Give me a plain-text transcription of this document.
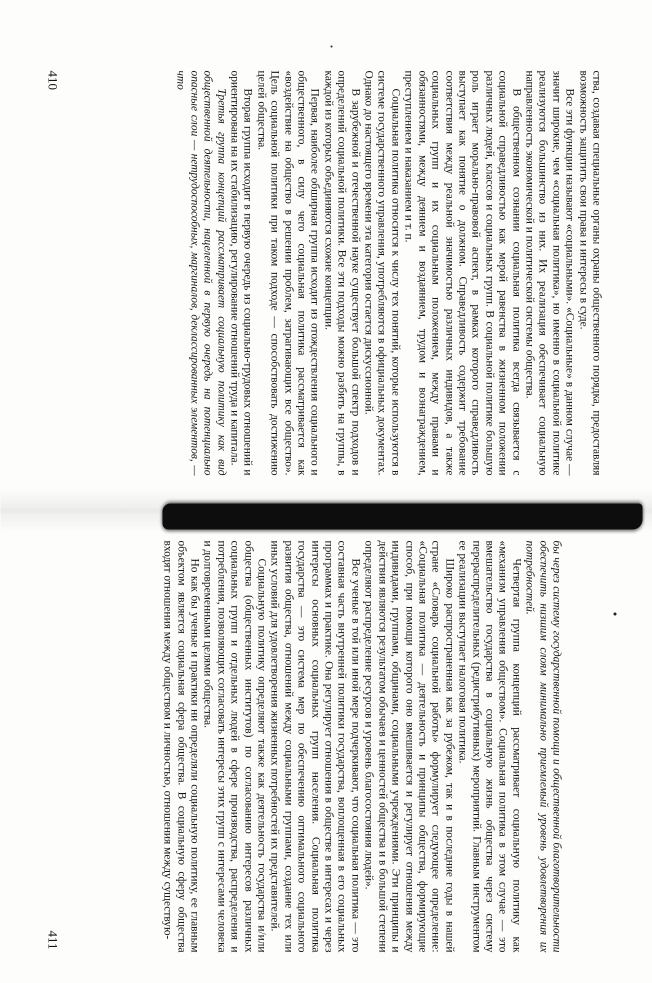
ства, создавая специальные органы охраны общественного порядка, предоставляя возможность защитить свои права и интересы в суде.

Все эти функции называют «социальными». «Социальные» в данном случае — значит широкие, чем «социальная политика», но именно в социальной политике реализуются большинство из них. Их реализация обеспечивает социальную направленность экономической и политической системы общества.

В общественном сознании социальная политика всегда связывается с социальной справедливостью как мерой равенства в жизненном положении различных людей, классов и социальных групп. В социальной политике большую роль играет морально-правовой аспект, в рамках которого справедливость выступает как понятие о должном. Справедливость содержит требование соответствия между реальной значимостью различных индивидов, а также социальных групп и их социальным положением, между правами и обязанностями, между деянием и воздаянием, трудом и вознаграждением, преступлением и наказанием и т. п.

Социальная политика относится к числу тех понятий, которые используются в системе государственного управления, употребляются в официальных документах. Однако до настоящего времени эта категория остается дискуссионной.

В зарубежной и отечественной науке существует большой спектр подходов и определений социальной политики. Все эти подходы можно разбить на группы, в каждой из которых объединяются схожие концепции.

Первая, наиболее обширная группа исходит из отождествления социального и общественного, в силу чего социальная политика рассматривается как «воздействие на общество в решении проблем, затрагивающих все общество». Цель социальной политики при таком подходе — способствовать достижению целей общества.

Вторая группа исходит в первую очередь из социально-трудовых отношений и ориентирована на их стабилизацию, регулирование отношений труда и капитала.

Третья группа концепций рассматривает социальную политику как вид общественной деятельности, нацеленной в первую очередь на потенциально опасные слои — нетрудоспособных, маргиналов, деклассированных элементов, — что

410

бы через систему государственной помощи и общественной благотворительности обеспечить низшим слоям минимально приемлемый уровень удовлетворения их потребностей.

Четвертая группа концепций рассматривает социальную политику как «механизм управления обществом». Социальная политика в этом случае — это вмешательство государства в социальную жизнь общества через систему перераспределительных (редистрибутивных) мероприятий. Главным инструментом ее реализации выступает налоговая политика.

Широко распространенная как за рубежом, так и в последние годы в нашей стране «Словарь социальной работы» формулирует следующее определение: «Социальная политика — деятельность и принципы общества, формирующие способ, при помощи которого оно вмешивается и регулирует отношения между индивидами, группами, общинами, социальными учреждениями. Эти принципы и действия являются результатом обычаев и ценностей общества и в большой степени определяют распределение ресурсов и уровень благосостояния людей».

Все ученые в той или иной мере подчеркивают, что социальная политика — это составная часть внутренней политики государства, воплощенная в его социальных программах и практике. Она регулирует отношения в обществе в интересах и через интересы основных социальных групп населения. Социальная политика государства — это система мер по обеспечению оптимального социального развития общества, отношений между социальными группами, создание тех или иных условий для удовлетворения жизненных потребностей их представителей.

Социальную политику определяют также как деятельность государства и/или общества (общественных институтов) по согласованию интересов различных социальных групп и отдельных людей в сфере производства, распределения и потребления, позволяющих согласовать интересы этих групп с интересами человека и долговременными целями общества.

Но как бы ученые и практики ни определяли социальную политику, ее главным объектом является социальная сфера общества. В социальную сферу общества входят отношения между обществом и личностью, отношения между существую-

411
